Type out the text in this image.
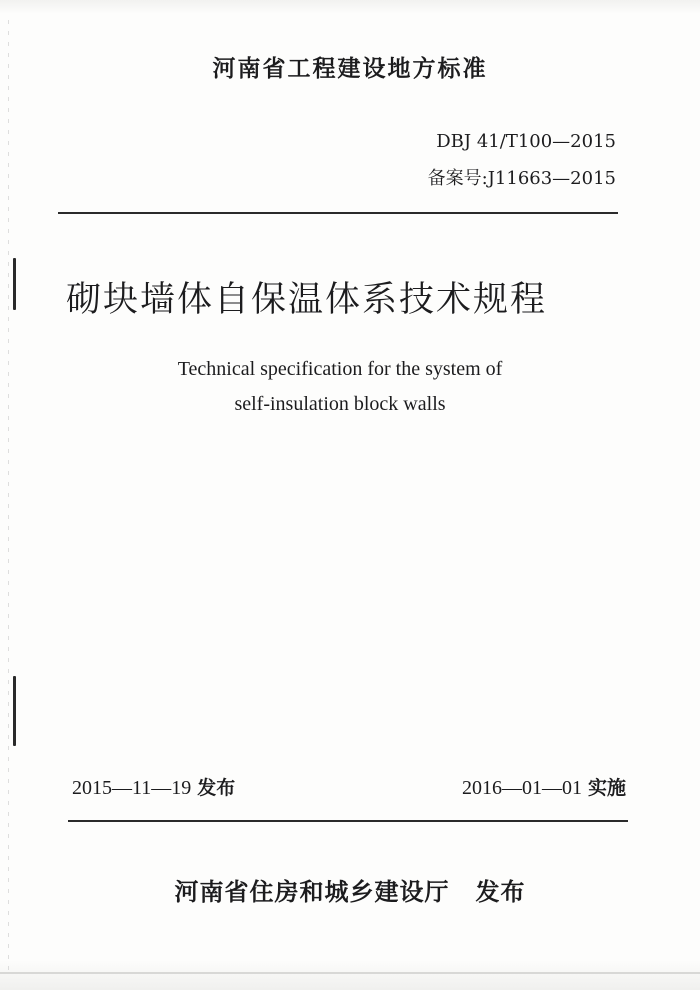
河南省工程建设地方标准
DBJ 41/T100—2015
备案号:J11663—2015
砌块墙体自保温体系技术规程
Technical specification for the system of
self-insulation block walls
2015—11—19 发布	2016—01—01 实施
河南省住房和城乡建设厅 发布
